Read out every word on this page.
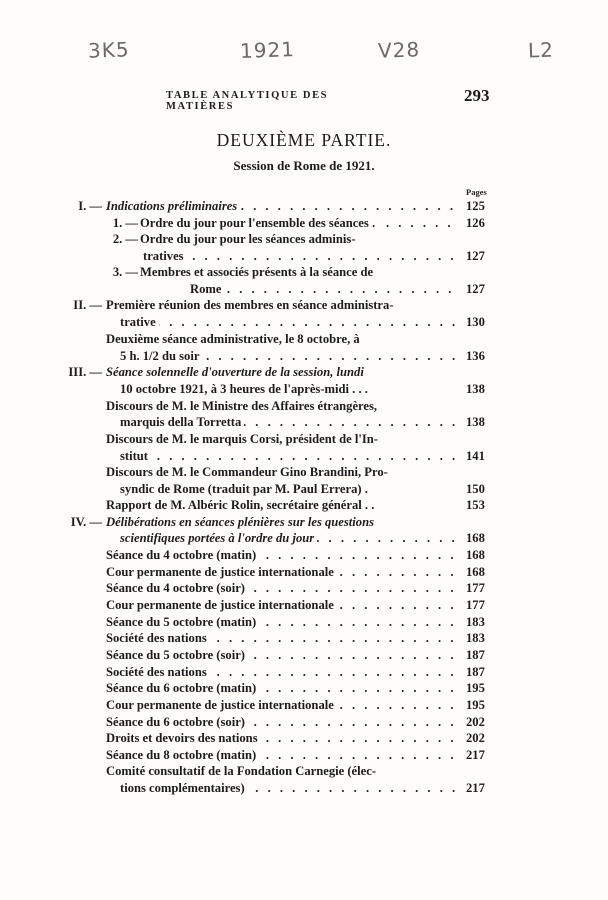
3K5	1921	V28	L2
TABLE ANALYTIQUE DES MATIÈRES
293
DEUXIÈME PARTIE.
Session de Rome de 1921.
Pages
I. — Indications préliminaires . . .	125
1. — Ordre du jour pour l'ensemble des séances . . . .	126
2. — Ordre du jour pour les séances adminis-
tratives . . .	127
3. — Membres et associés présents à la séance de
Rome . . .	127
II. — Première réunion des membres en séance administra-
trative . . .	130
Deuxième séance administrative, le 8 octobre, à
5 h. 1/2 du soir . . .	136
III. — Séance solennelle d'ouverture de la session, lundi
10 octobre 1921, à 3 heures de l'après-midi . . .	138
Discours de M. le Ministre des Affaires étrangères,
marquis della Torretta . . .	138
Discours de M. le marquis Corsi, président de l'In-
stitut . . .	141
Discours de M. le Commandeur Gino Brandini, Pro-
syndic de Rome (traduit par M. Paul Errera) .	150
Rapport de M. Albéric Rolin, secrétaire général . .	153
IV. — Délibérations en séances plénières sur les questions
scientifiques portées à l'ordre du jour . . .	168
Séance du 4 octobre (matin) . . .	168
Cour permanente de justice internationale . . .	168
Séance du 4 octobre (soir) . . .	177
Cour permanente de justice internationale . . .	177
Séance du 5 octobre (matin) . . .	183
Société des nations . . .	183
Séance du 5 octobre (soir) . . .	187
Société des nations . . .	187
Séance du 6 octobre (matin) . . .	195
Cour permanente de justice internationale . . .	195
Séance du 6 octobre (soir) . . .	202
Droits et devoirs des nations . . .	202
Séance du 8 octobre (matin) . . .	217
Comité consultatif de la Fondation Carnegie (élec-
tions complémentaires) . . .	217
